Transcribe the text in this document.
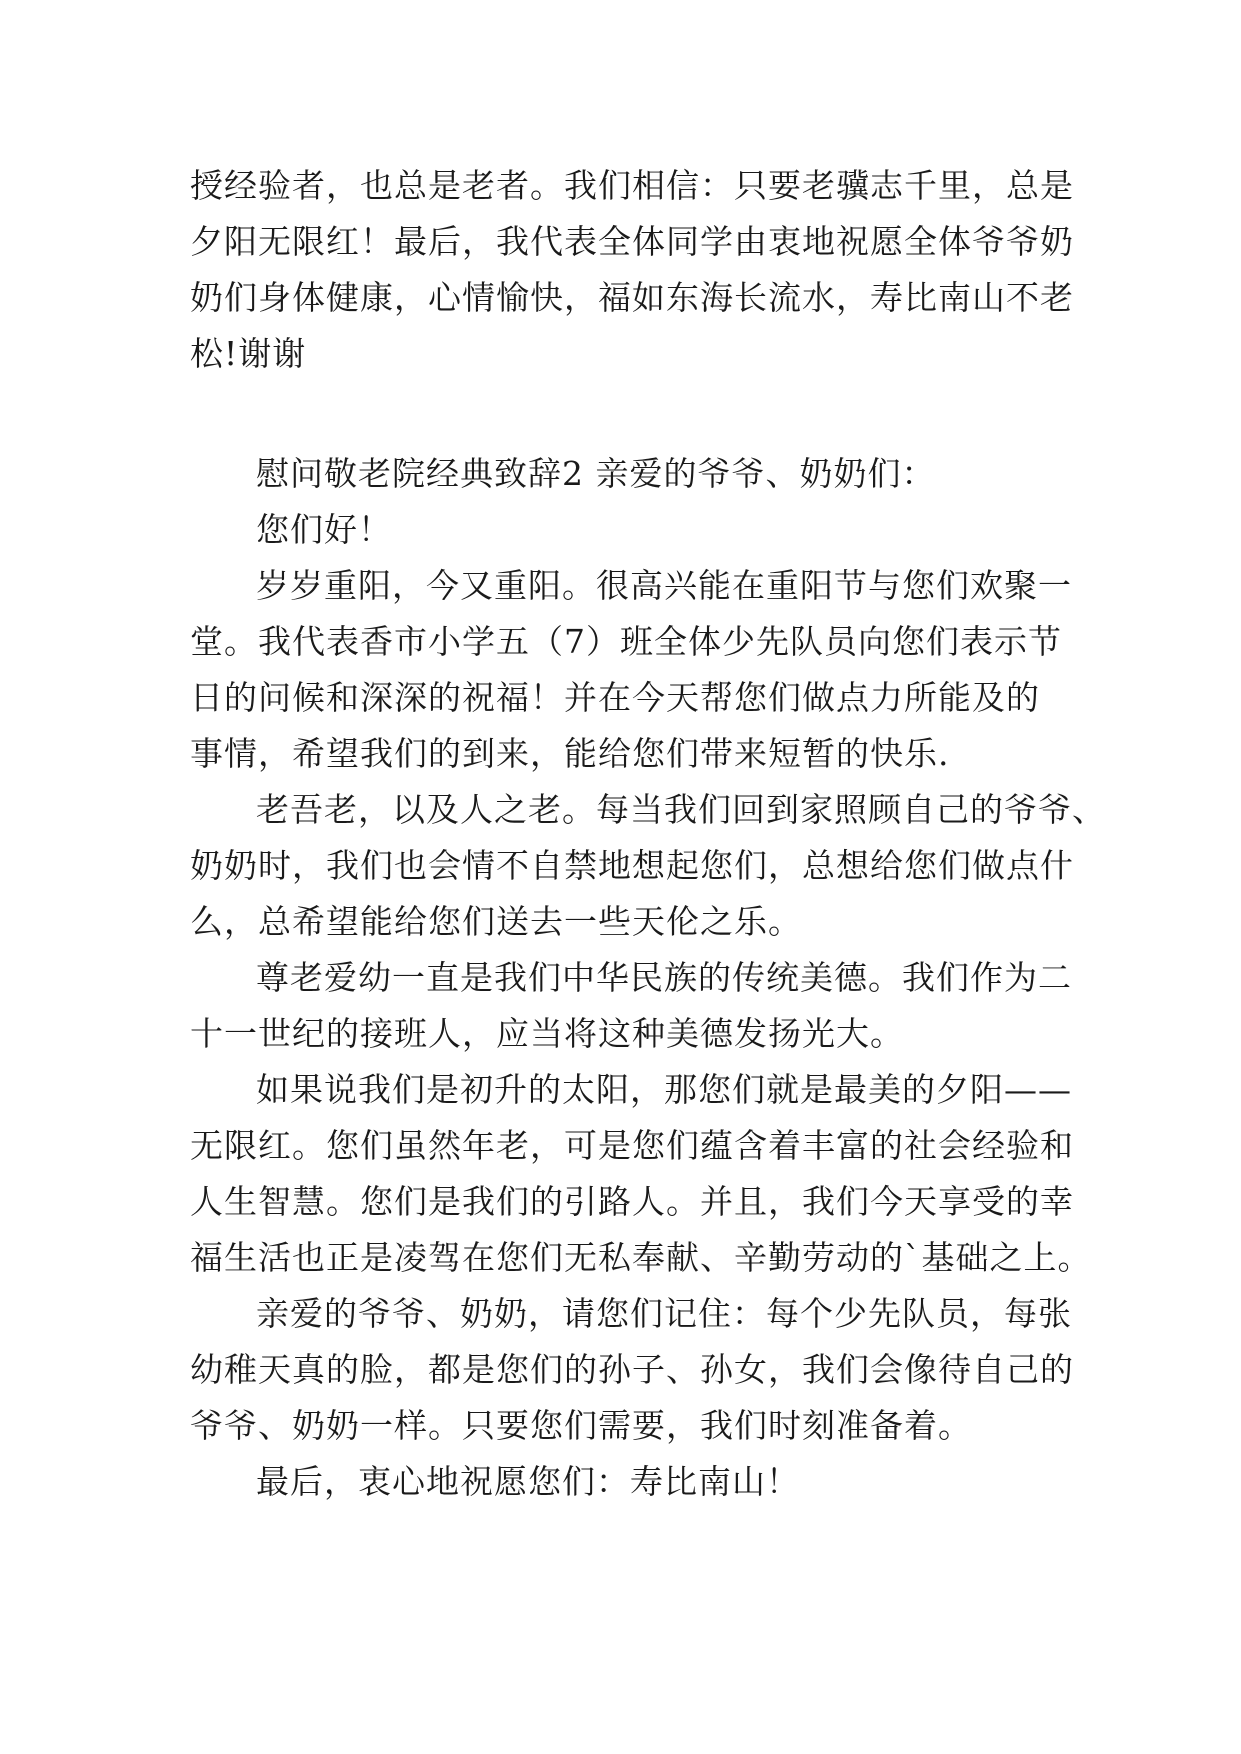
授经验者，也总是老者。我们相信：只要老骥志千里，总是
夕阳无限红！最后，我代表全体同学由衷地祝愿全体爷爷奶
奶们身体健康，心情愉快，福如东海长流水，寿比南山不老
松!谢谢
慰问敬老院经典致辞2 亲爱的爷爷、奶奶们：
您们好！
岁岁重阳，今又重阳。很高兴能在重阳节与您们欢聚一
堂。我代表香市小学五（7）班全体少先队员向您们表示节
日的问候和深深的祝福！并在今天帮您们做点力所能及的
事情，希望我们的到来，能给您们带来短暂的快乐.
老吾老，以及人之老。每当我们回到家照顾自己的爷爷、
奶奶时，我们也会情不自禁地想起您们，总想给您们做点什
么，总希望能给您们送去一些天伦之乐。
尊老爱幼一直是我们中华民族的传统美德。我们作为二
十一世纪的接班人，应当将这种美德发扬光大。
如果说我们是初升的太阳，那您们就是最美的夕阳——
无限红。您们虽然年老，可是您们蕴含着丰富的社会经验和
人生智慧。您们是我们的引路人。并且，我们今天享受的幸
福生活也正是凌驾在您们无私奉献、辛勤劳动的`基础之上。
亲爱的爷爷、奶奶，请您们记住：每个少先队员，每张
幼稚天真的脸，都是您们的孙子、孙女，我们会像待自己的
爷爷、奶奶一样。只要您们需要，我们时刻准备着。
最后，衷心地祝愿您们：寿比南山！
